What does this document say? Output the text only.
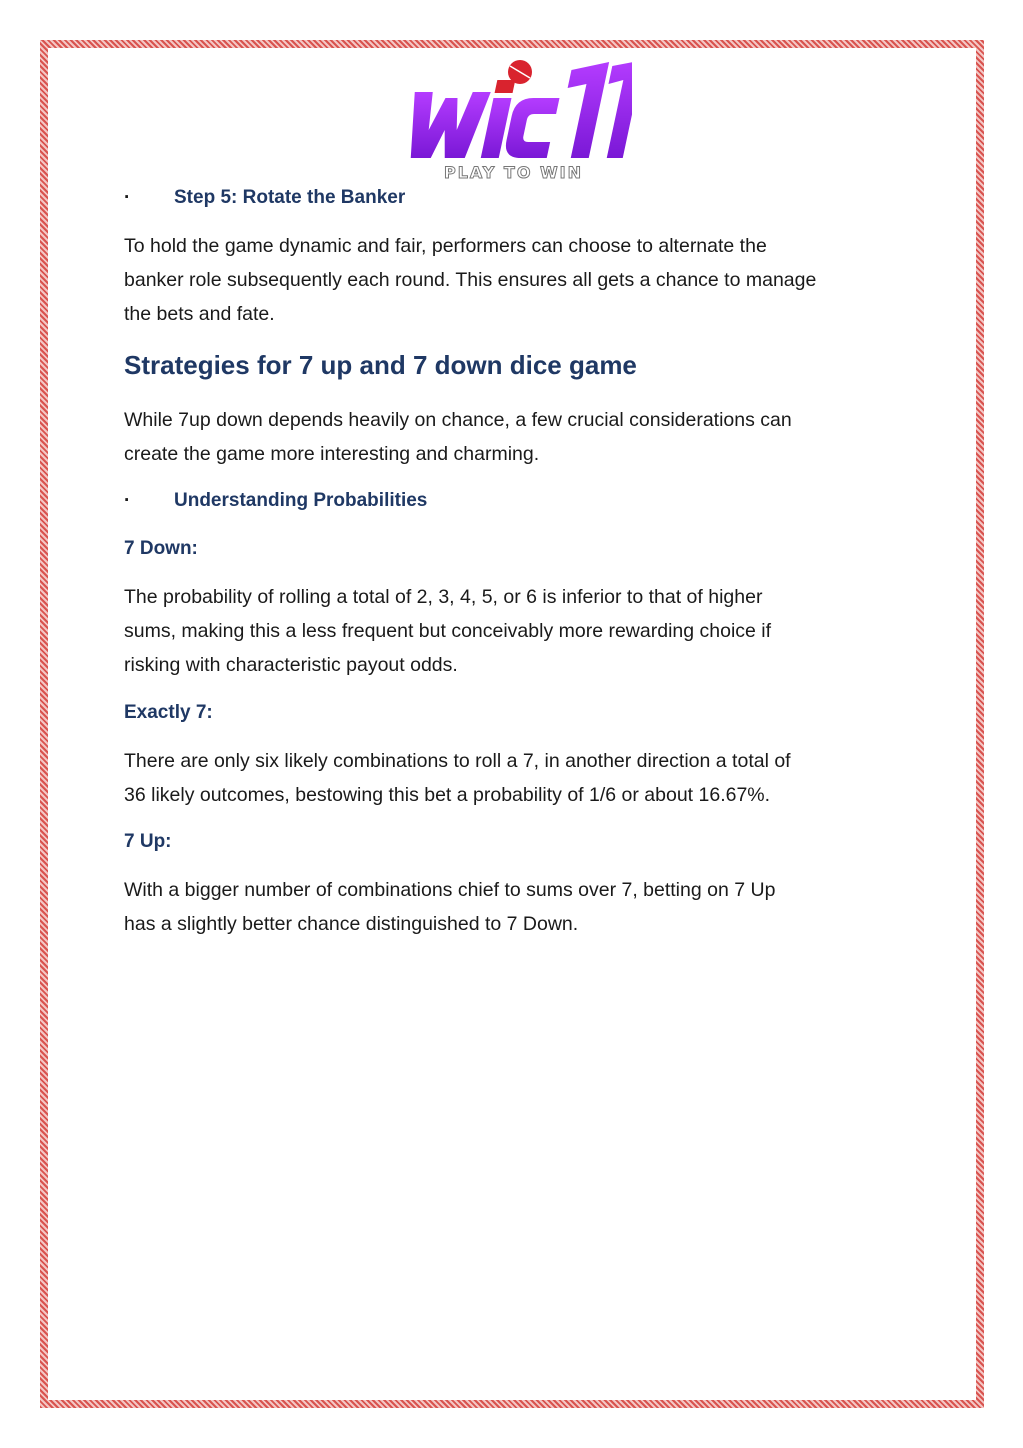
PLAY TO WIN
· Step 5: Rotate the Banker
To hold the game dynamic and fair, performers can choose to alternate the
banker role subsequently each round. This ensures all gets a chance to manage
the bets and fate.
Strategies for 7 up and 7 down dice game
While 7up down depends heavily on chance, a few crucial considerations can
create the game more interesting and charming.
· Understanding Probabilities
7 Down:
The probability of rolling a total of 2, 3, 4, 5, or 6 is inferior to that of higher
sums, making this a less frequent but conceivably more rewarding choice if
risking with characteristic payout odds.
Exactly 7:
There are only six likely combinations to roll a 7, in another direction a total of
36 likely outcomes, bestowing this bet a probability of 1/6 or about 16.67%.
7 Up:
With a bigger number of combinations chief to sums over 7, betting on 7 Up
has a slightly better chance distinguished to 7 Down.
